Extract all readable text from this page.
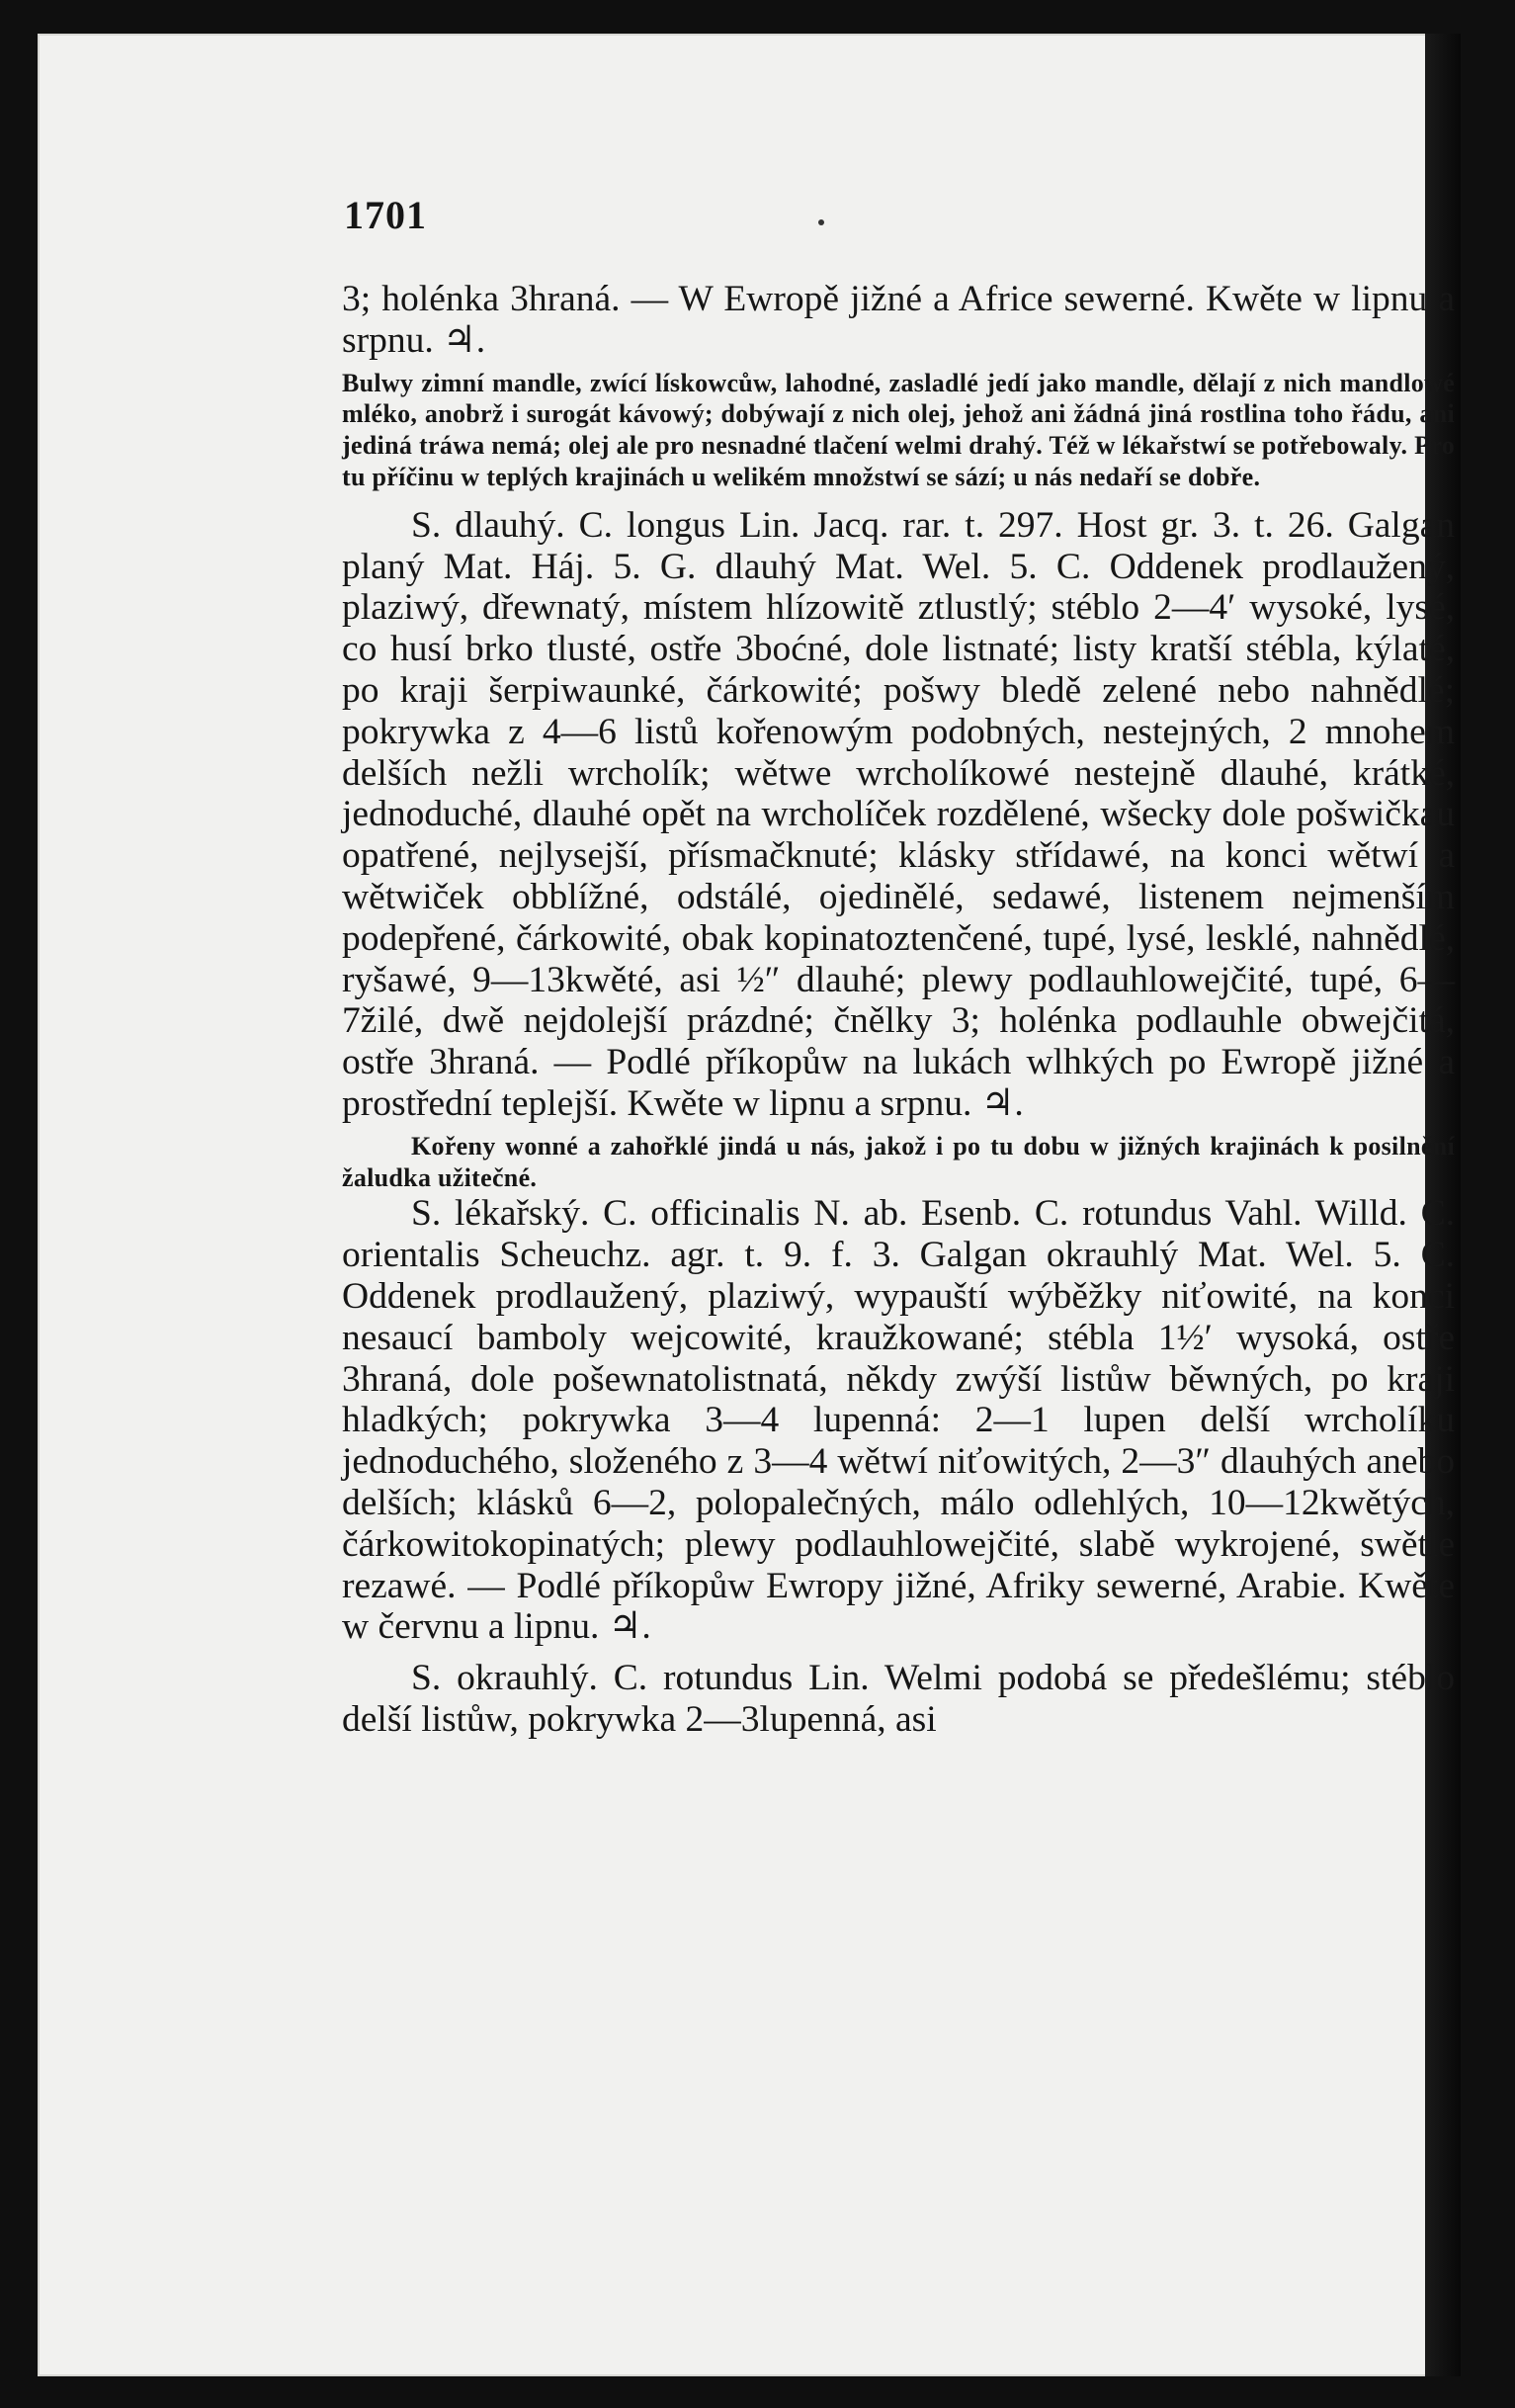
1701

3; holénka 3hraná. — W Ewropě jižné a Africe sewerné. Kwěte w lipnu a srpnu. ♃.

Bulwy zimní mandle, zwící lískowcůw, lahodné, zasladlé jedí jako mandle, dělají z nich mandlowé mléko, anobrž i surogát kávowý; dobýwají z nich olej, jehož ani žádná jiná rostlina toho řádu, ani jediná tráwa nemá; olej ale pro nesnadné tlačení welmi drahý. Též w lékařstwí se potřebowaly. Pro tu příčinu w teplých krajinách u welikém množstwí se sází; u nás nedaří se dobře.

S. dlauhý. C. longus Lin. Jacq. rar. t. 297. Host gr. 3. t. 26. Galgan planý Mat. Háj. 5. G. dlauhý Mat. Wel. 5. C. Oddenek prodlaužený, plaziwý, dřewnatý, místem hlízowitě ztlustlý; stéblo 2—4′ wysoké, lysé, co husí brko tlusté, ostře 3boćné, dole listnaté; listy kratší stébla, kýlaté, po kraji šerpiwaunké, čárkowité; pošwy bledě zelené nebo nahnědlé; pokrywka z 4—6 listů kořenowým podobných, nestejných, 2 mnohem delších nežli wrcholík; wětwe wrcholíkowé nestejně dlauhé, krátké, jednoduché, dlauhé opět na wrcholíček rozdělené, wšecky dole pošwičkau opatřené, nejlysejší, přísmačknuté; klásky střídawé, na konci wětwí a wětwiček obblížné, odstálé, ojedinělé, sedawé, listenem nejmenším podepřené, čárkowité, obak kopinatoztenčené, tupé, lysé, lesklé, nahnědlé, ryšawé, 9—13kwěté, asi ½″ dlauhé; plewy podlauhlowejčité, tupé, 6—7žilé, dwě nejdolejší prázdné; čnělky 3; holénka podlauhle obwejčitá, ostře 3hraná. — Podlé příkopůw na lukách wlhkých po Ewropě jižné a prostřední teplejší. Kwěte w lipnu a srpnu. ♃.

Kořeny wonné a zahořklé jindá u nás, jakož i po tu dobu w jižných krajinách k posilnění žaludka užitečné.

S. lékařský. C. officinalis N. ab. Esenb. C. rotundus Vahl. Willd. C. orientalis Scheuchz. agr. t. 9. f. 3. Galgan okrauhlý Mat. Wel. 5. C. Oddenek prodlaužený, plaziwý, wypauští wýběžky niťowité, na konci nesaucí bamboly wejcowité, kraužkowané; stébla 1½′ wysoká, ostře 3hraná, dole pošewnatolistnatá, někdy zwýší listůw běwných, po kraji hladkých; pokrywka 3—4 lupenná: 2—1 lupen delší wrcholíku jednoduchého, složeného z 3—4 wětwí niťowitých, 2—3″ dlauhých anebo delších; klásků 6—2, polopalečných, málo odlehlých, 10—12kwětých, čárkowitokopinatých; plewy podlauhlowejčité, slabě wykrojené, swětle rezawé. — Podlé příkopůw Ewropy jižné, Afriky sewerné, Arabie. Kwěte w červnu a lipnu. ♃.

S. okrauhlý. C. rotundus Lin. Welmi podobá se předešlému; stéblo delší listůw, pokrywka 2—3lupenná, asi
